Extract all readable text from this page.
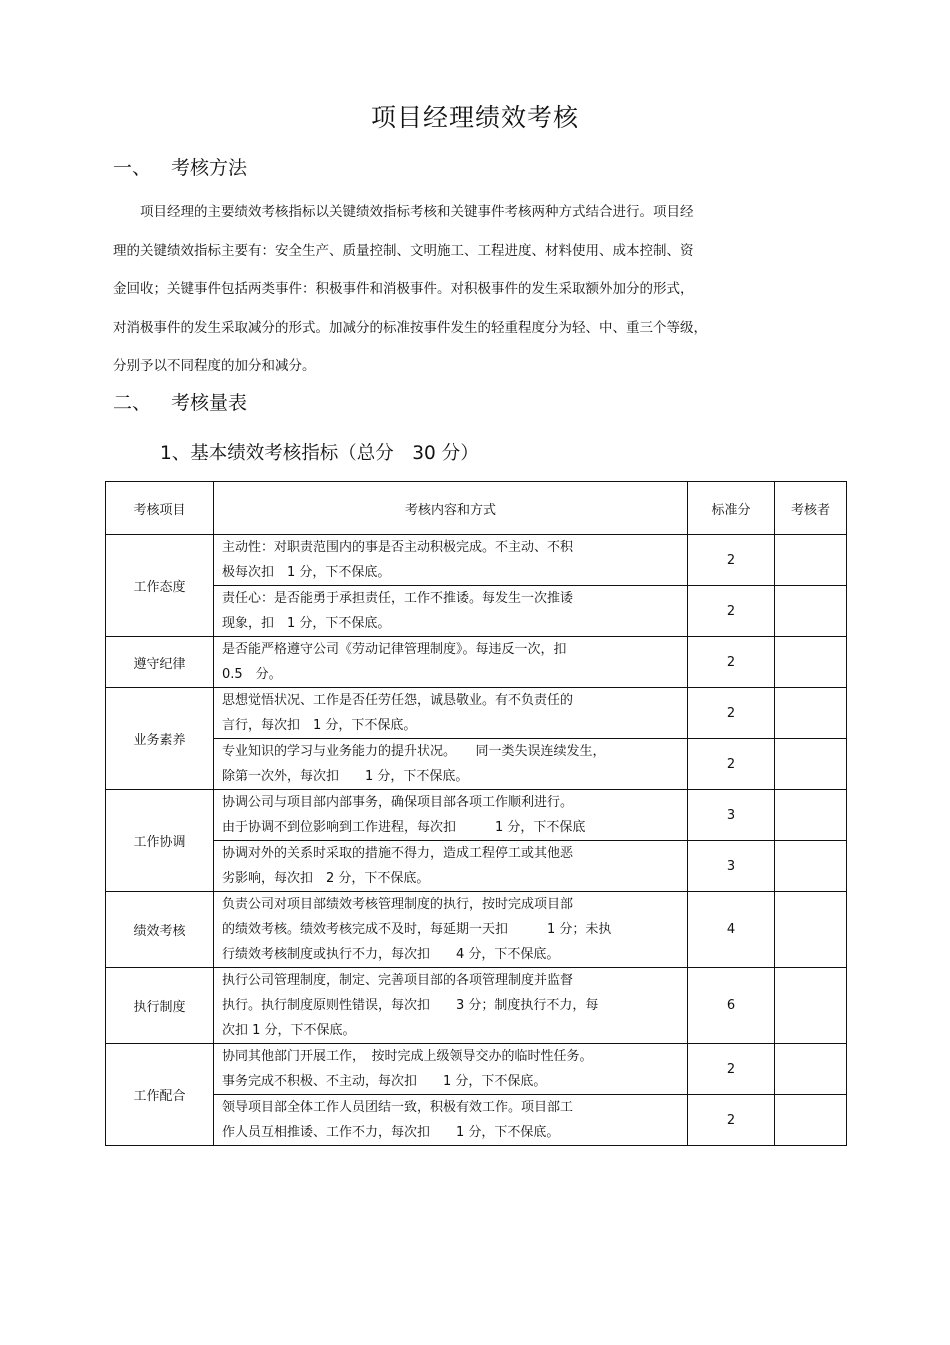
项目经理绩效考核
一、 考核方法

项目经理的主要绩效考核指标以关键绩效指标考核和关键事件考核两种方式结合进行。项目经

理的关键绩效指标主要有：安全生产、质量控制、文明施工、工程进度、材料使用、成本控制、资

金回收；关键事件包括两类事件：积极事件和消极事件。对积极事件的发生采取额外加分的形式，

对消极事件的发生采取减分的形式。加减分的标准按事件发生的轻重程度分为轻、中、重三个等级，

分别予以不同程度的加分和减分。

二、 考核量表
1、基本绩效考核指标（总分　30 分）
考核项目	考核内容和方式	标准分	考核者
工作态度	主动性：对职责范围内的事是否主动积极完成。不主动、不积
极每次扣　1 分，下不保底。	2	

	责任心：是否能勇于承担责任，工作不推诿。每发生一次推诿
现象，扣　1 分，下不保底。	2	
遵守纪律	是否能严格遵守公司《劳动记律管理制度》。每违反一次，扣
0.5　分。	2	
业务素养	思想觉悟状况、工作是否任劳任怨，诚恳敬业。有不负责任的
言行，每次扣　1 分，下不保底。	2	

	专业知识的学习与业务能力的提升状况。　　同一类失误连续发生，
除第一次外，每次扣　　1 分，下不保底。	2	
工作协调	协调公司与项目部内部事务，确保项目部各项工作顺利进行。
由于协调不到位影响到工作进程，每次扣　　　1 分，下不保底	3	

	协调对外的关系时采取的措施不得力，造成工程停工或其他恶
劣影响，每次扣　2 分，下不保底。	3	
绩效考核	负责公司对项目部绩效考核管理制度的执行，按时完成项目部
的绩效考核。绩效考核完成不及时，每延期一天扣　　　1 分；未执
行绩效考核制度或执行不力，每次扣　　4 分，下不保底。	4	
执行制度	执行公司管理制度，制定、完善项目部的各项管理制度并监督
执行。执行制度原则性错误，每次扣　　3 分；制度执行不力，每
次扣 1 分，下不保底。	6	
工作配合	协同其他部门开展工作，　按时完成上级领导交办的临时性任务。
事务完成不积极、不主动，每次扣　　1 分，下不保底。	2	

	领导项目部全体工作人员团结一致，积极有效工作。项目部工
作人员互相推诿、工作不力，每次扣　　1 分，下不保底。	2	
